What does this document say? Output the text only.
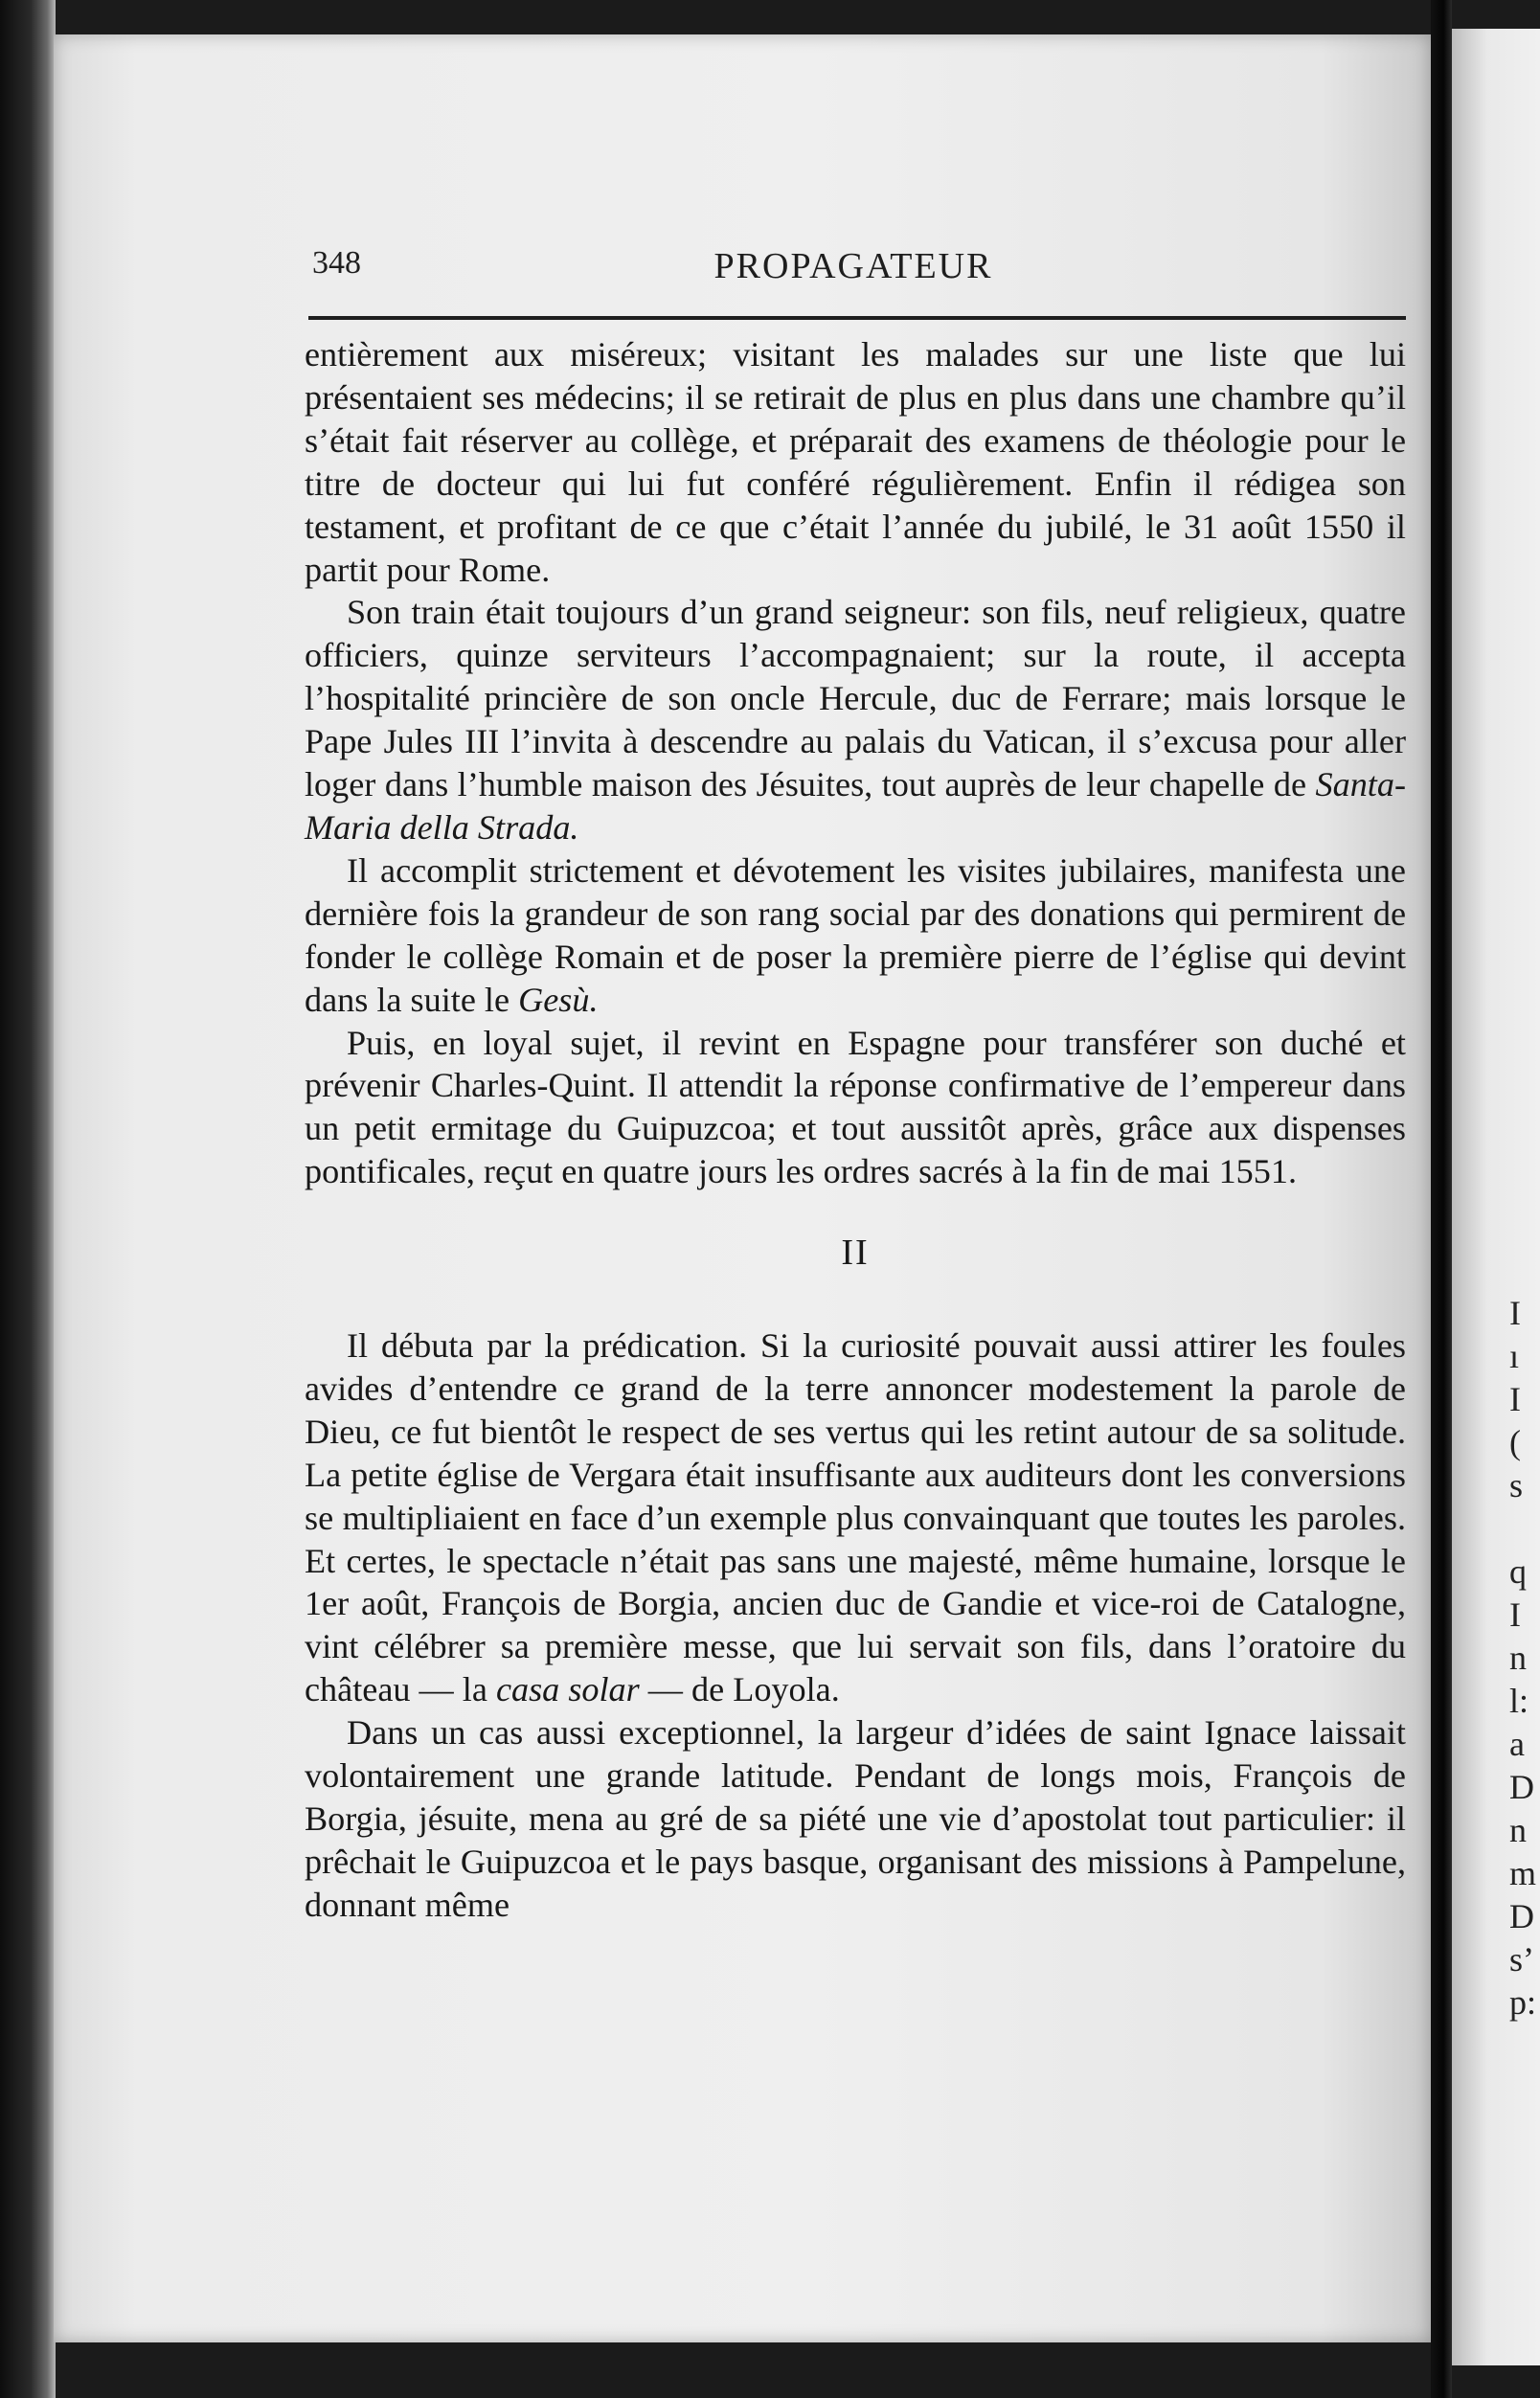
I
ı
I
(
s
q
I
n
l:
a
D
n
m
D
s’
p:
348	PROPAGATEUR

entièrement aux miséreux; visitant les malades sur une liste que lui présentaient ses médecins; il se retirait de plus en plus dans une chambre qu’il s’était fait réserver au collège, et préparait des examens de théologie pour le titre de docteur qui lui fut conféré régulièrement. Enfin il rédigea son testament, et profitant de ce que c’était l’année du jubilé, le 31 août 1550 il partit pour Rome.

Son train était toujours d’un grand seigneur: son fils, neuf religieux, quatre officiers, quinze serviteurs l’accompagnaient; sur la route, il accepta l’hospitalité princière de son oncle Hercule, duc de Ferrare; mais lorsque le Pape Jules III l’invita à descendre au palais du Vatican, il s’excusa pour aller loger dans l’humble maison des Jésuites, tout auprès de leur chapelle de Santa-Maria della Strada.

Il accomplit strictement et dévotement les visites jubilaires, manifesta une dernière fois la grandeur de son rang social par des donations qui permirent de fonder le collège Romain et de poser la première pierre de l’église qui devint dans la suite le Gesù.

Puis, en loyal sujet, il revint en Espagne pour transférer son duché et prévenir Charles-Quint. Il attendit la réponse confirmative de l’empereur dans un petit ermitage du Guipuzcoa; et tout aussitôt après, grâce aux dispenses pontificales, reçut en quatre jours les ordres sacrés à la fin de mai 1551.

II

Il débuta par la prédication. Si la curiosité pouvait aussi attirer les foules avides d’entendre ce grand de la terre annoncer modestement la parole de Dieu, ce fut bientôt le respect de ses vertus qui les retint autour de sa solitude. La petite église de Vergara était insuffisante aux auditeurs dont les conversions se multipliaient en face d’un exemple plus convainquant que toutes les paroles. Et certes, le spectacle n’était pas sans une majesté, même humaine, lorsque le 1er août, François de Borgia, ancien duc de Gandie et vice-roi de Catalogne, vint célébrer sa première messe, que lui servait son fils, dans l’oratoire du château — la casa solar — de Loyola.

Dans un cas aussi exceptionnel, la largeur d’idées de saint Ignace laissait volontairement une grande latitude. Pendant de longs mois, François de Borgia, jésuite, mena au gré de sa piété une vie d’apostolat tout particulier: il prêchait le Guipuzcoa et le pays basque, organisant des missions à Pampelune, donnant même
